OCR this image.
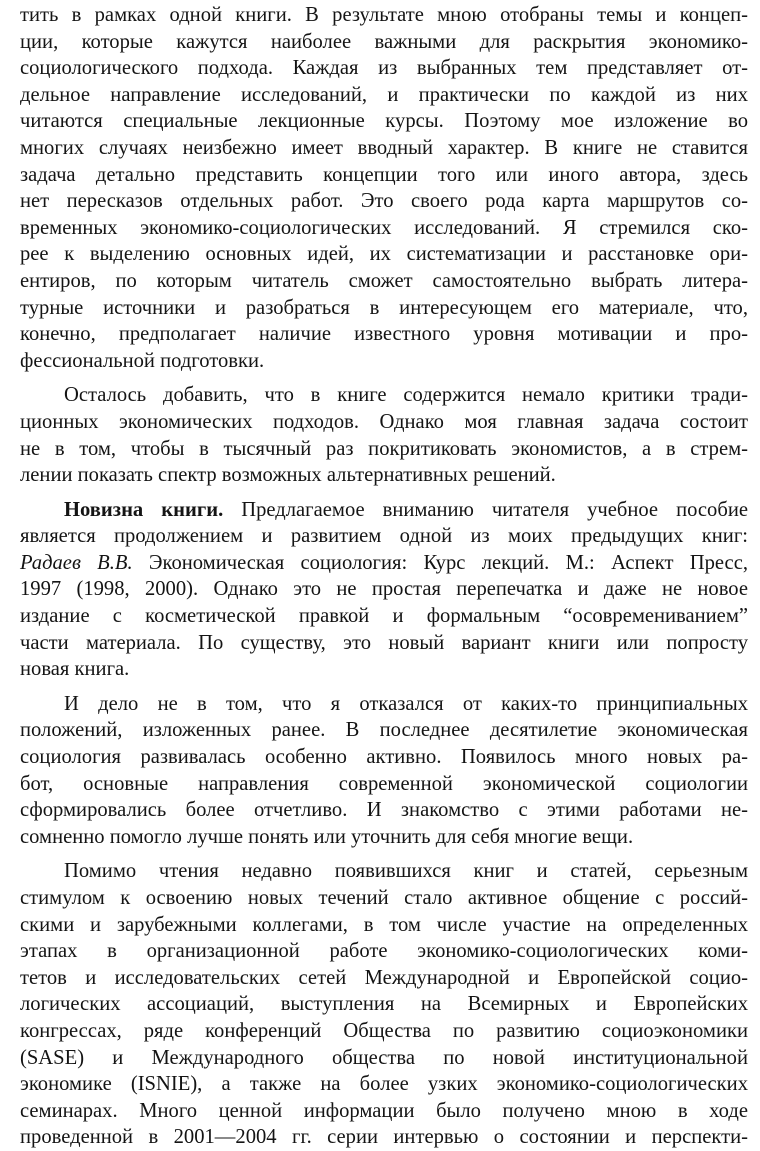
тить в рамках одной книги. В результате мною отобраны темы и концеп-
ции, которые кажутся наиболее важными для раскрытия экономико-
социологического подхода. Каждая из выбранных тем представляет от-
дельное направление исследований, и практически по каждой из них
читаются специальные лекционные курсы. Поэтому мое изложение во
многих случаях неизбежно имеет вводный характер. В книге не ставится
задача детально представить концепции того или иного автора, здесь
нет пересказов отдельных работ. Это своего рода карта маршрутов со-
временных экономико-социологических исследований. Я стремился ско-
рее к выделению основных идей, их систематизации и расстановке ори-
ентиров, по которым читатель сможет самостоятельно выбрать литера-
турные источники и разобраться в интересующем его материале, что,
конечно, предполагает наличие известного уровня мотивации и про-
фессиональной подготовки.

Осталось добавить, что в книге содержится немало критики тради-
ционных экономических подходов. Однако моя главная задача состоит
не в том, чтобы в тысячный раз покритиковать экономистов, а в стрем-
лении показать спектр возможных альтернативных решений.

Новизна книги. Предлагаемое вниманию читателя учебное пособие
является продолжением и развитием одной из моих предыдущих книг:
Радаев В.В. Экономическая социология: Курс лекций. М.: Аспект Пресс,
1997 (1998, 2000). Однако это не простая перепечатка и даже не новое
издание с косметической правкой и формальным “осовремениванием”
части материала. По существу, это новый вариант книги или попросту
новая книга.

И дело не в том, что я отказался от каких-то принципиальных
положений, изложенных ранее. В последнее десятилетие экономическая
социология развивалась особенно активно. Появилось много новых ра-
бот, основные направления современной экономической социологии
сформировались более отчетливо. И знакомство с этими работами не-
сомненно помогло лучше понять или уточнить для себя многие вещи.

Помимо чтения недавно появившихся книг и статей, серьезным
стимулом к освоению новых течений стало активное общение с россий-
скими и зарубежными коллегами, в том числе участие на определенных
этапах в организационной работе экономико-социологических коми-
тетов и исследовательских сетей Международной и Европейской социо-
логических ассоциаций, выступления на Всемирных и Европейских
конгрессах, ряде конференций Общества по развитию социоэкономики
(SASE) и Международного общества по новой институциональной
экономике (ISNIE), а также на более узких экономико-социологических
семинарах. Много ценной информации было получено мною в ходе
проведенной в 2001—2004 гг. серии интервью о состоянии и перспекти-
